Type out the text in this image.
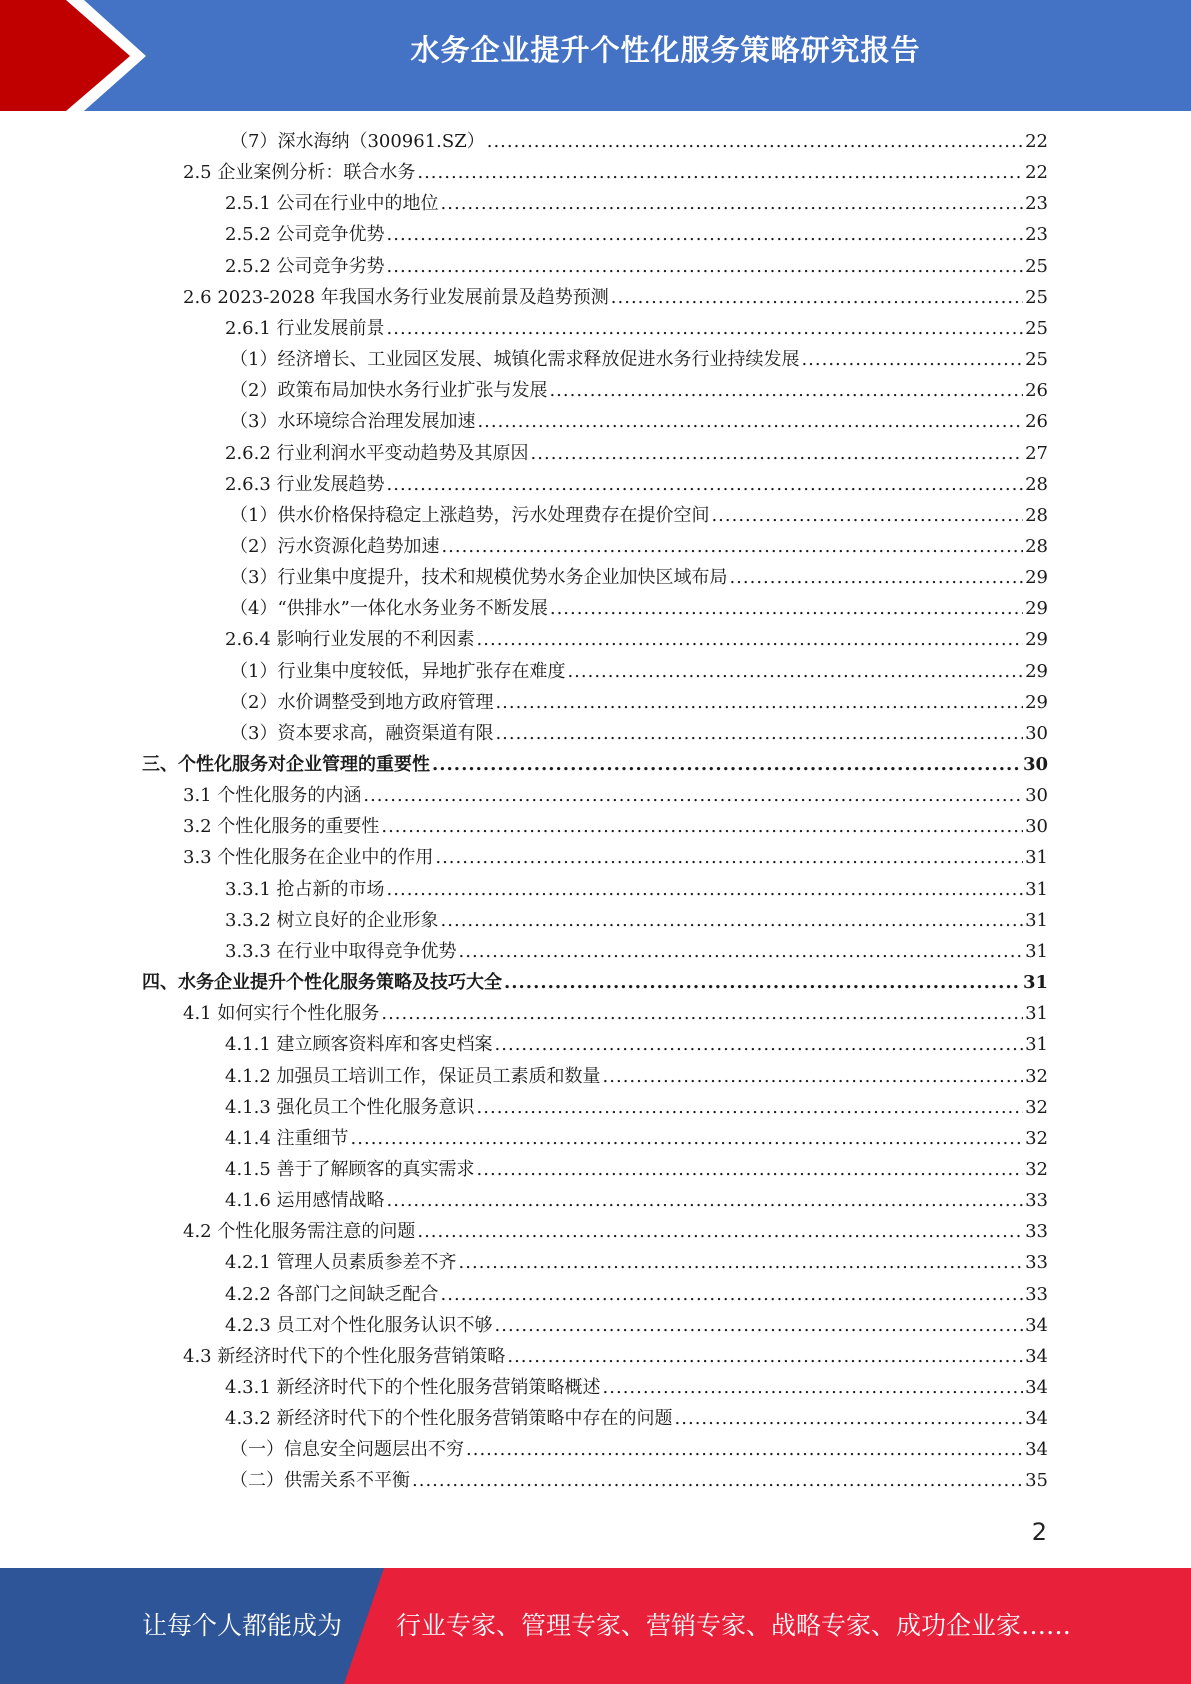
水务企业提升个性化服务策略研究报告
（7）深水海纳（300961.SZ） .....	22
2.5 企业案例分析：联合水务 .....	22
2.5.1 公司在行业中的地位 .....	23
2.5.2 公司竞争优势 .....	23
2.5.2 公司竞争劣势 .....	25
2.6 2023-2028 年我国水务行业发展前景及趋势预测 .....	25
2.6.1 行业发展前景 .....	25
（1）经济增长、工业园区发展、城镇化需求释放促进水务行业持续发展 .....	25
（2）政策布局加快水务行业扩张与发展 .....	26
（3）水环境综合治理发展加速 .....	26
2.6.2 行业利润水平变动趋势及其原因 .....	27
2.6.3 行业发展趋势 .....	28
（1）供水价格保持稳定上涨趋势，污水处理费存在提价空间 .....	28
（2）污水资源化趋势加速 .....	28
（3）行业集中度提升，技术和规模优势水务企业加快区域布局 .....	29
（4）“供排水”一体化水务业务不断发展 .....	29
2.6.4 影响行业发展的不利因素 .....	29
（1）行业集中度较低，异地扩张存在难度 .....	29
（2）水价调整受到地方政府管理 .....	29
（3）资本要求高，融资渠道有限 .....	30
三、个性化服务对企业管理的重要性 .....	30
3.1 个性化服务的内涵 .....	30
3.2 个性化服务的重要性 .....	30
3.3 个性化服务在企业中的作用 .....	31
3.3.1 抢占新的市场 .....	31
3.3.2 树立良好的企业形象 .....	31
3.3.3 在行业中取得竞争优势 .....	31
四、水务企业提升个性化服务策略及技巧大全 .....	31
4.1 如何实行个性化服务 .....	31
4.1.1 建立顾客资料库和客史档案 .....	31
4.1.2 加强员工培训工作，保证员工素质和数量 .....	32
4.1.3 强化员工个性化服务意识 .....	32
4.1.4 注重细节 .....	32
4.1.5 善于了解顾客的真实需求 .....	32
4.1.6 运用感情战略 .....	33
4.2 个性化服务需注意的问题 .....	33
4.2.1 管理人员素质参差不齐 .....	33
4.2.2 各部门之间缺乏配合 .....	33
4.2.3 员工对个性化服务认识不够 .....	34
4.3 新经济时代下的个性化服务营销策略 .....	34
4.3.1 新经济时代下的个性化服务营销策略概述 .....	34
4.3.2 新经济时代下的个性化服务营销策略中存在的问题 .....	34
（一）信息安全问题层出不穷 .....	34
（二）供需关系不平衡 .....	35
2
让每个人都能成为 行业专家、管理专家、营销专家、战略专家、成功企业家……
